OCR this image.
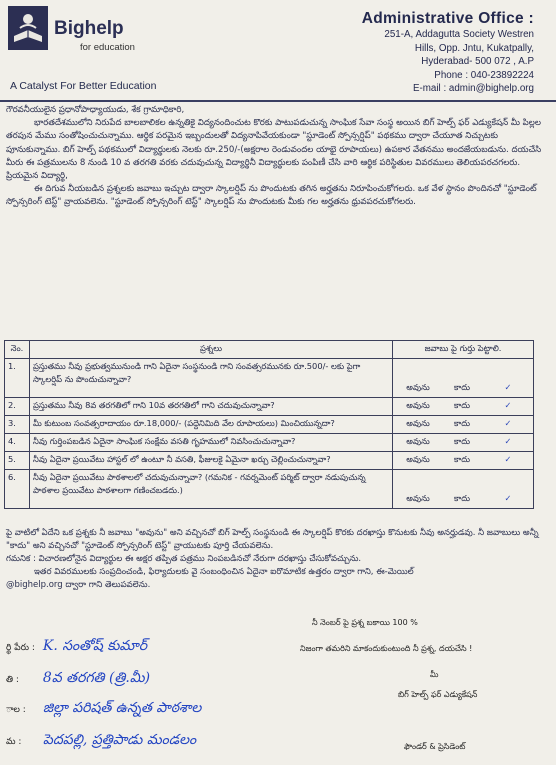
Bighelp
for education
A Catalyst For Better Education
Administrative Office :
251-A, Addagutta Society Westren
Hills, Opp. Jntu, Kukatpally,
Hyderabad- 500 072 , A.P
Phone : 040-23892224
E-mail : admin@bighelp.org

గౌరవనీయులైన ప్రధానోపాధ్యాయుడు, శేక గ్రామాధికారి,

భారతదేశములోని నిరుపేద బాలబాలికల ఉన్నతికై విద్యనందించుట కొరకు పాటుపడుచున్న సాంఘిక సేవా సంస్థ అయిన బిగ్ హెల్ప్ ఫర్ ఎడ్యుకేషన్ మీ పిల్లల తరపున మేము సంతోషించుచున్నాము. ఆర్థిక పరమైన ఇబ్బందులతో విద్యనాపివేయకుండా "స్టూడెంట్ స్పోన్సర్షిప్" పథకము ద్వారా చేయూత నిచ్చుటకు పూనుకున్నాము. బిగ్ హెల్ప్ పథకములో విద్యార్థులకు నెలకు రూ.250/-(అక్షరాల రెండువందల యాభై రూపాయలు) ఉపకార వేతనము అందజేయబడును. దయచేసి మీరు ఈ పత్రములను 8 నుండి 10 వ తరగతి వరకు చదువుచున్న విద్యార్థినీ విద్యార్థులకు పంపిణీ చేసి వారి ఆర్థిక పరిస్థితుల వివరములు తెలియపరచగలరు.

ప్రియమైన విద్యార్థి,

ఈ దిగువ నీయబడిన ప్రశ్నలకు జవాబు ఇచ్చుట ద్వారా స్కాలర్షిప్ ను పొందుటకు తగిన అర్హతను నిరూపించుకోగలరు. ఒక వేళ స్థానం పొందినచో "స్టూడెంట్ స్పోన్సరింగ్ టెస్ట్" వ్రాయవలెను. "స్టూడెంట్ స్పోన్సరింగ్ టెస్ట్" స్కాలర్షిప్ ను పొందుటకు మీకు గల అర్హతను ధ్రువపరచుకోగలరు.

నెం.	ప్రశ్నలు	జవాబు పై గుర్తు పెట్టాలి.
1.	ప్రస్తుతము నీవు ప్రభుత్వమునుండి గాని ఏదైనా సంస్థనుండి గాని సంవత్సరమునకు రూ.500/- లకు పైగా స్కాలర్షిప్ ను పొందుచున్నావా?	అవును కాదు ✓
2.	ప్రస్తుతము నీవు 8వ తరగతిలో గాని 10వ తరగతిలో గాని చదువుచున్నావా?	అవును కాదు ✓
3.	మీ కుటుంబ సంవత్సరాదాయం రూ.18,000/- (పద్దెనిమిది వేల రూపాయలు) మించియున్నదా?	అవును కాదు ✓
4.	నీవు గుర్తింపబడిన ఏదైనా సాంఘిక సంక్షేమ వసతి గృహములో నివసించుచున్నావా?	అవును కాదు ✓
5.	నీవు ఏదైనా ప్రయివేటు హాస్టల్ లో ఉంటూ నీ వసతి, ఫీజులకై ఏమైనా ఖర్చు చెల్లించుచున్నావా?	అవును కాదు ✓
6.	నీవు ఏదైనా ప్రయివేటు పాఠశాలలో చదువుచున్నావా? (గమనిక - గవర్నమెంట్ పర్మిట్ ద్వారా నడుపుచున్న పాఠశాల ప్రయివేటు పాఠశాలగా గణించబడదు.)	అవును కాదు ✓

పై వాటిలో ఏదేని ఒక ప్రశ్నకు నీ జవాబు "అవును" అని వచ్చినచో బిగ్ హెల్ప్ సంస్థనుండి ఈ స్కాలర్షిప్ కొరకు దరఖాస్తు కొనుటకు నీవు అనర్హుడవు. నీ జవాబులు అన్నీ "కాదు" అని వచ్చినచో "స్టూడెంట్ స్పోన్సరింగ్ టెస్ట్" వ్రాయుటకు పూర్తి చేయవలెను.

గమనిక : విచారణలోనైన విద్యార్థుల ఈ అక్షర తప్పిత పత్రము నింపబడినచో నేరుగా దరఖాస్తు చేసుకోవచ్చును.

ఇతర వివరములకు సంప్రదించండి, ఫిర్యాదులకు వై సంబంధించిన ఏదైనా ఐరొమాటిక ఉత్తరం ద్వారా గాని, ఈ-మెయిల్

@bighelp.org ద్వారా గాని తెలుపవలెను.

నీ నెంబర్ పై ప్రశ్న బకాయి 100 %
నిజంగా తమరిని మాకందుకుంటుంది నీ ప్రశ్న, దయచేసి !
మీ
బిగ్ హెల్ప్ ఫర్ ఎడ్యుకేషన్
ఫౌండర్ & ప్రెసిడెంట్
ర్థి పేరు : K. సంతోష్ కుమార్
తి : 8వ తరగతి (త్రి.మీ)
ాల : జిల్లా పరిషత్ ఉన్నత పాఠశాల
మ : పెదపల్లి, ప్రత్తిపాడు మండలం
